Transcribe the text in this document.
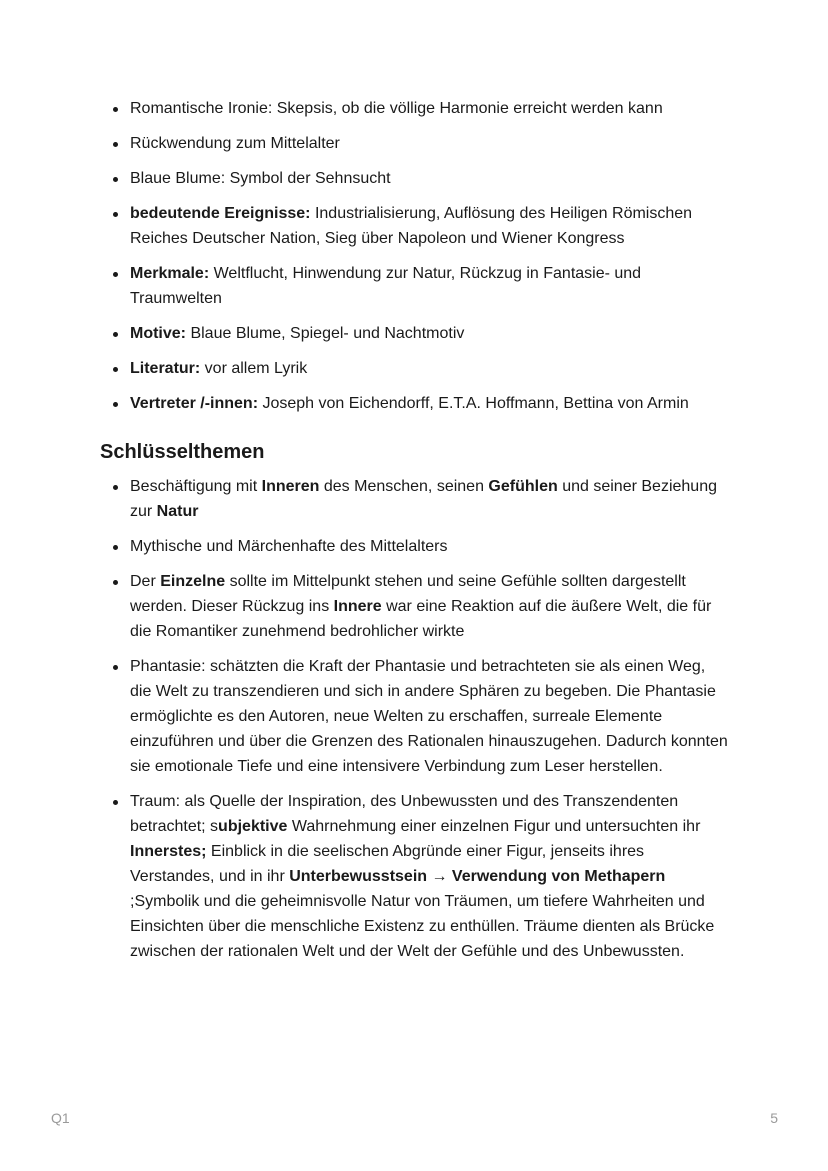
Romantische Ironie: Skepsis, ob die völlige Harmonie erreicht werden kann
Rückwendung zum Mittelalter
Blaue Blume: Symbol der Sehnsucht
bedeutende Ereignisse: Industrialisierung, Auflösung des Heiligen Römischen Reiches Deutscher Nation, Sieg über Napoleon und Wiener Kongress
Merkmale: Weltflucht, Hinwendung zur Natur, Rückzug in Fantasie- und Traumwelten
Motive: Blaue Blume, Spiegel- und Nachtmotiv
Literatur: vor allem Lyrik
Vertreter /-innen: Joseph von Eichendorff, E.T.A. Hoffmann, Bettina von Armin
Schlüsselthemen
Beschäftigung mit Inneren des Menschen, seinen Gefühlen und seiner Beziehung zur Natur
Mythische und Märchenhafte des Mittelalters
Der Einzelne sollte im Mittelpunkt stehen und seine Gefühle sollten dargestellt werden. Dieser Rückzug ins Innere war eine Reaktion auf die äußere Welt, die für die Romantiker zunehmend bedrohlicher wirkte
Phantasie: schätzten die Kraft der Phantasie und betrachteten sie als einen Weg, die Welt zu transzendieren und sich in andere Sphären zu begeben. Die Phantasie ermöglichte es den Autoren, neue Welten zu erschaffen, surreale Elemente einzuführen und über die Grenzen des Rationalen hinauszugehen. Dadurch konnten sie emotionale Tiefe und eine intensivere Verbindung zum Leser herstellen.
Traum: als Quelle der Inspiration, des Unbewussten und des Transzendenten betrachtet; subjektive Wahrnehmung einer einzelnen Figur und untersuchten ihr Innerstes; Einblick in die seelischen Abgründe einer Figur, jenseits ihres Verstandes, und in ihr Unterbewusstsein → Verwendung von Methapern ;Symbolik und die geheimnisvolle Natur von Träumen, um tiefere Wahrheiten und Einsichten über die menschliche Existenz zu enthüllen. Träume dienten als Brücke zwischen der rationalen Welt und der Welt der Gefühle und des Unbewussten.
Q1	5
